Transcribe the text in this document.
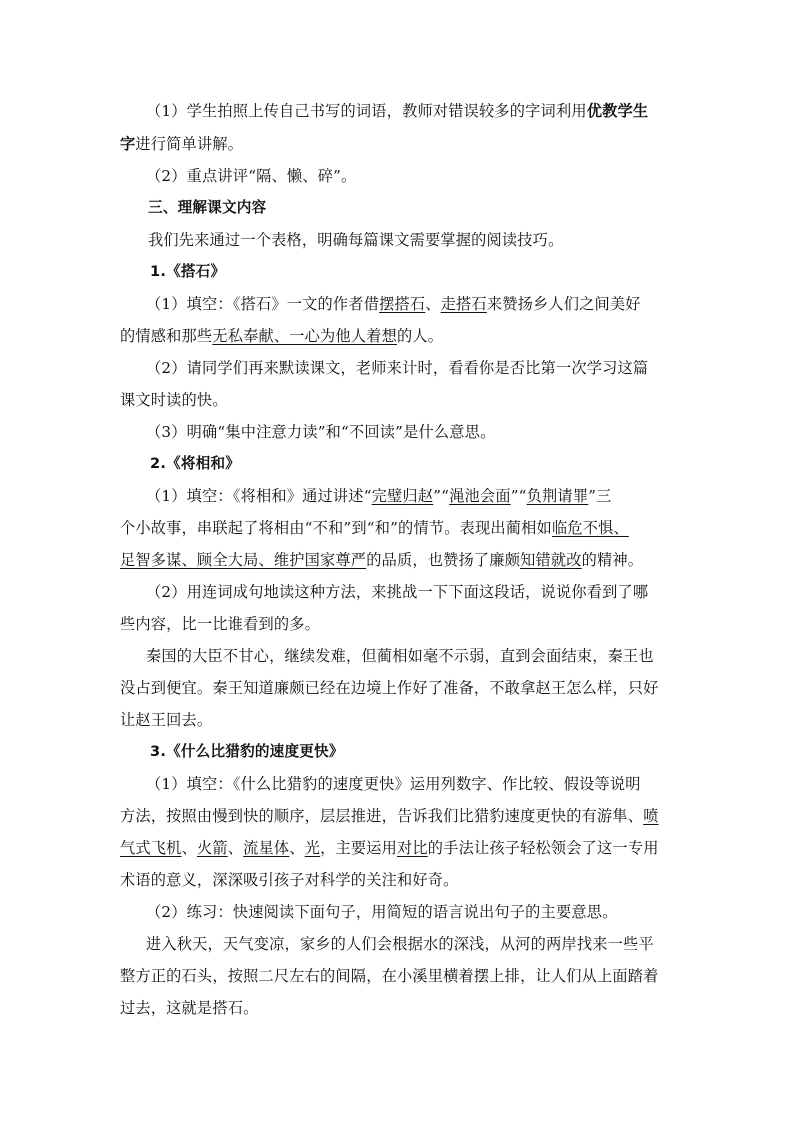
（1）学生拍照上传自己书写的词语，教师对错误较多的字词利用优教学生
字进行简单讲解。
（2）重点讲评“隔、懒、碎”。
三、理解课文内容
我们先来通过一个表格，明确每篇课文需要掌握的阅读技巧。
1.《搭石》
（1）填空：《搭石》一文的作者借摆搭石、走搭石来赞扬乡人们之间美好
的情感和那些无私奉献、一心为他人着想的人。
（2）请同学们再来默读课文，老师来计时，看看你是否比第一次学习这篇
课文时读的快。
（3）明确“集中注意力读”和“不回读”是什么意思。
2.《将相和》
（1）填空：《将相和》通过讲述“完璧归赵”“渑池会面”“负荆请罪”三
个小故事，串联起了将相由“不和”到“和”的情节。表现出蔺相如临危不惧、
足智多谋、顾全大局、维护国家尊严的品质，也赞扬了廉颇知错就改的精神。
（2）用连词成句地读这种方法，来挑战一下下面这段话，说说你看到了哪
些内容，比一比谁看到的多。
秦国的大臣不甘心，继续发难，但蔺相如毫不示弱，直到会面结束，秦王也
没占到便宜。秦王知道廉颇已经在边境上作好了准备，不敢拿赵王怎么样，只好
让赵王回去。
3.《什么比猎豹的速度更快》
（1）填空：《什么比猎豹的速度更快》运用列数字、作比较、假设等说明
方法，按照由慢到快的顺序，层层推进，告诉我们比猎豹速度更快的有游隼、喷
气式飞机、火箭、流星体、光，主要运用对比的手法让孩子轻松领会了这一专用
术语的意义，深深吸引孩子对科学的关注和好奇。
（2）练习：快速阅读下面句子，用简短的语言说出句子的主要意思。
进入秋天，天气变凉，家乡的人们会根据水的深浅，从河的两岸找来一些平
整方正的石头，按照二尺左右的间隔，在小溪里横着摆上排，让人们从上面踏着
过去，这就是搭石。
